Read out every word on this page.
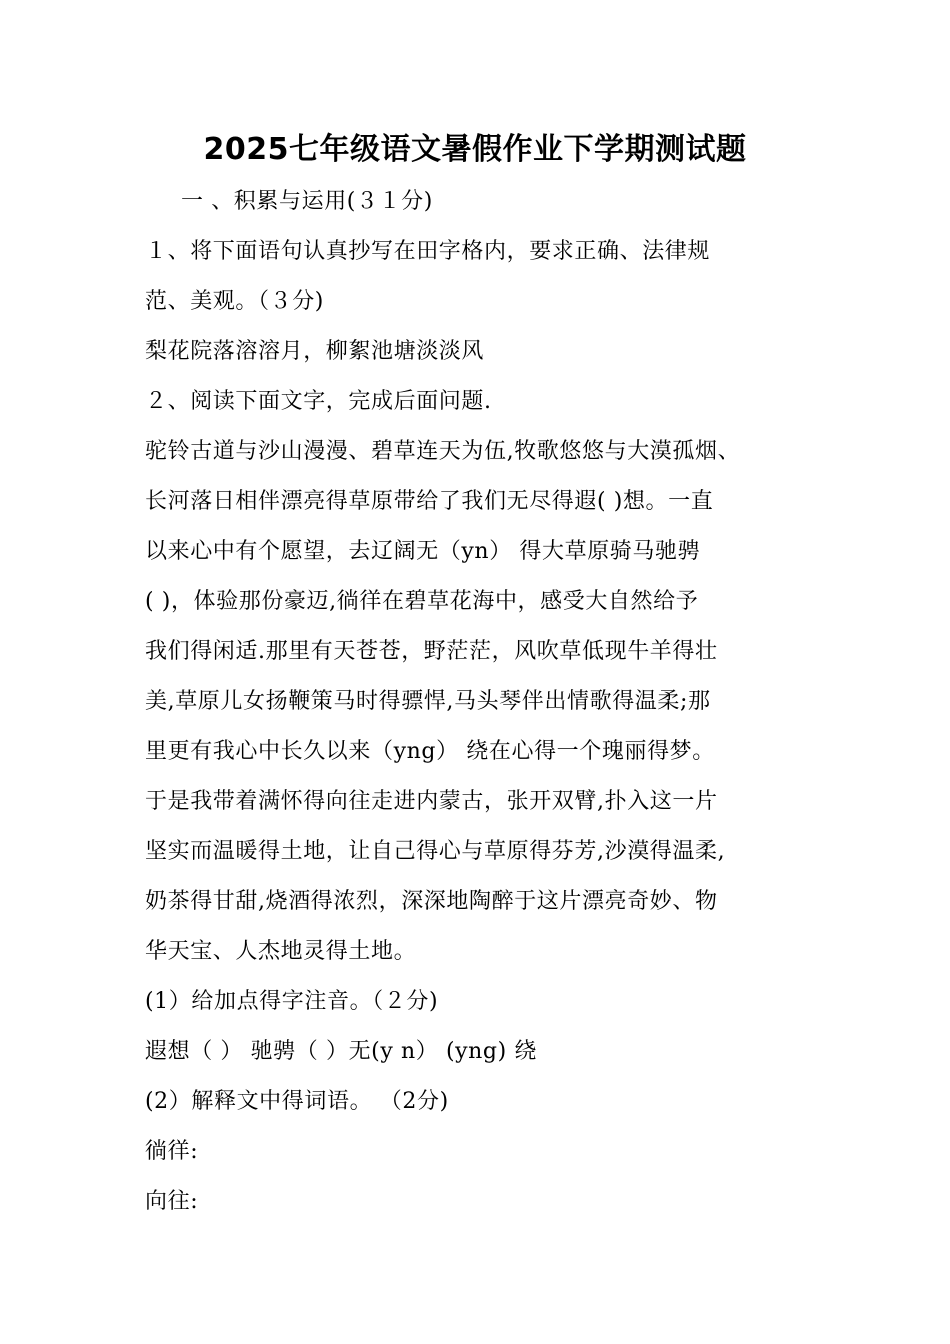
2025七年级语文暑假作业下学期测试题
一 、积累与运用(３１分)
１、将下面语句认真抄写在田字格内，要求正确、法律规
范、美观。（３分)
梨花院落溶溶月，柳絮池塘淡淡风
２、阅读下面文字，完成后面问题.
驼铃古道与沙山漫漫、碧草连天为伍,牧歌悠悠与大漠孤烟、
长河落日相伴漂亮得草原带给了我们无尽得遐( )想。一直
以来心中有个愿望，去辽阔无（yn） 得大草原骑马驰骋
( )，体验那份豪迈,徜徉在碧草花海中，感受大自然给予
我们得闲适.那里有天苍苍，野茫茫，风吹草低现牛羊得壮
美,草原儿女扬鞭策马时得骠悍,马头琴伴出情歌得温柔;那
里更有我心中长久以来（yng） 绕在心得一个瑰丽得梦。
于是我带着满怀得向往走进内蒙古，张开双臂,扑入这一片
坚实而温暖得土地，让自己得心与草原得芬芳,沙漠得温柔,
奶茶得甘甜,烧酒得浓烈，深深地陶醉于这片漂亮奇妙、物
华天宝、人杰地灵得土地。
(1）给加点得字注音。（２分)
遐想（ ） 驰骋（ ）无(y n） (yng) 绕
(2）解释文中得词语。 （2分)
徜徉:
向往:
